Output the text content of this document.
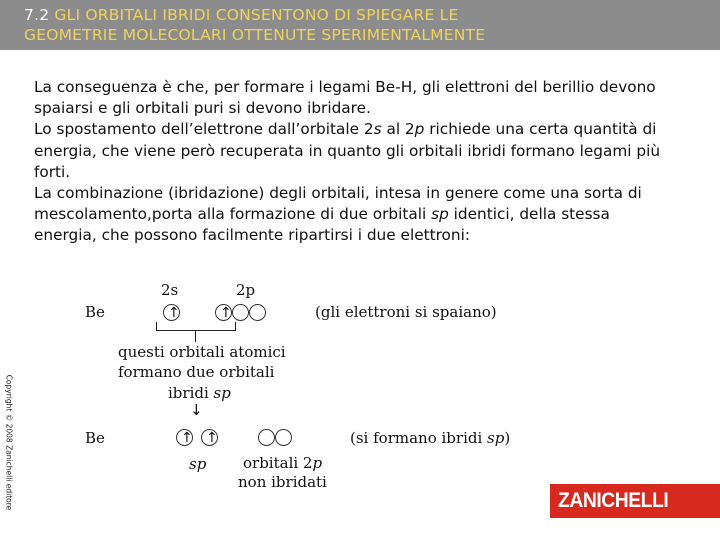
7.2 GLI ORBITALI IBRIDI CONSENTONO DI SPIEGARE LE
GEOMETRIE MOLECOLARI OTTENUTE SPERIMENTALMENTE

La conseguenza è che, per formare i legami Be-H, gli elettroni del berillio devono spaiarsi e gli orbitali puri si devono ibridare.

Lo spostamento dell’elettrone dall’orbitale 2s al 2p richiede una certa quantità di energia, che viene però recuperata in quanto gli orbitali ibridi formano legami più forti.

La combinazione (ibridazione) degli orbitali, intesa in genere come una sorta di mescolamento,porta alla formazione di due orbitali sp identici, della stessa energia, che possono facilmente ripartirsi i due elettroni:

Copyright © 2008 Zanichelli editore
2s	2p
Be	↑	↑	(gli elettroni si spaiano)
questi orbitali atomici
formano due orbitali
ibridi sp
↓
Be	↑ ↑	(si formano ibridi sp)
sp orbitali 2p
non ibridati
ZANICHELLI
